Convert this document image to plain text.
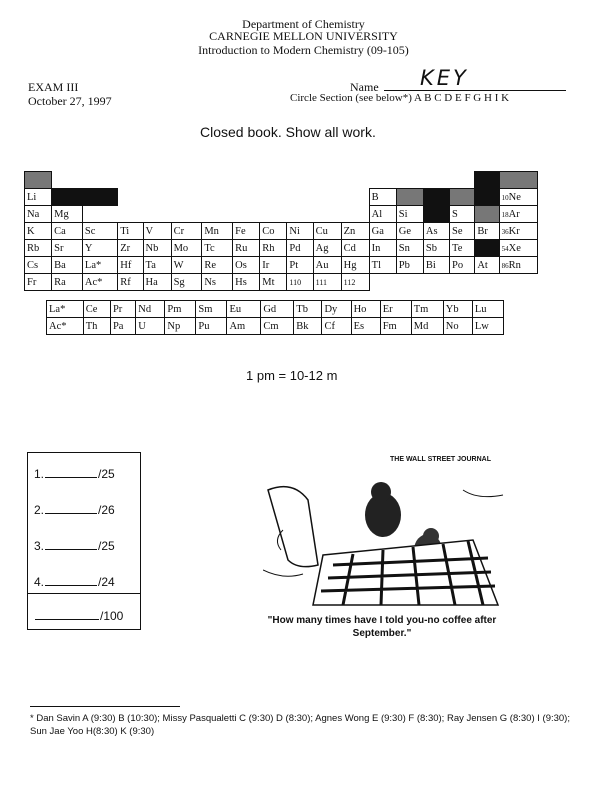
Department of Chemistry
CARNEGIE MELLON UNIVERSITY
Introduction to Modern Chemistry (09-105)
EXAM III
October 27, 1997
Name KEY
Circle Section (see below*) A B C D E F G H I K
Closed book. Show all work.

Li												B					10Ne
Na	Mg											Al	Si		S		18Ar
K	Ca	Sc	Ti	V	Cr	Mn	Fe	Co	Ni	Cu	Zn	Ga	Ge	As	Se	Br	36Kr
Rb	Sr	Y	Zr	Nb	Mo	Tc	Ru	Rh	Pd	Ag	Cd	In	Sn	Sb	Te		54Xe
Cs	Ba	La*	Hf	Ta	W	Re	Os	Ir	Pt	Au	Hg	Tl	Pb	Bi	Po	At	86Rn
Fr	Ra	Ac*	Rf	Ha	Sg	Ns	Hs	Mt	110	111	112						
La*	Ce	Pr	Nd	Pm	Sm	Eu	Gd	Tb	Dy	Ho	Er	Tm	Yb	Lu
Ac*	Th	Pa	U	Np	Pu	Am	Cm	Bk	Cf	Es	Fm	Md	No	Lw
1 pm = 10-12 m
1.	/25
2.	/26
3.	/25
4.	/24
/100
THE WALL STREET JOURNAL
"How many times have I told you-no coffee after September."
* Dan Savin A (9:30) B (10:30); Missy Pasqualetti C (9:30) D (8:30); Agnes Wong E (9:30) F (8:30); Ray Jensen G (8:30) I (9:30); Sun Jae Yoo H(8:30) K (9:30)
